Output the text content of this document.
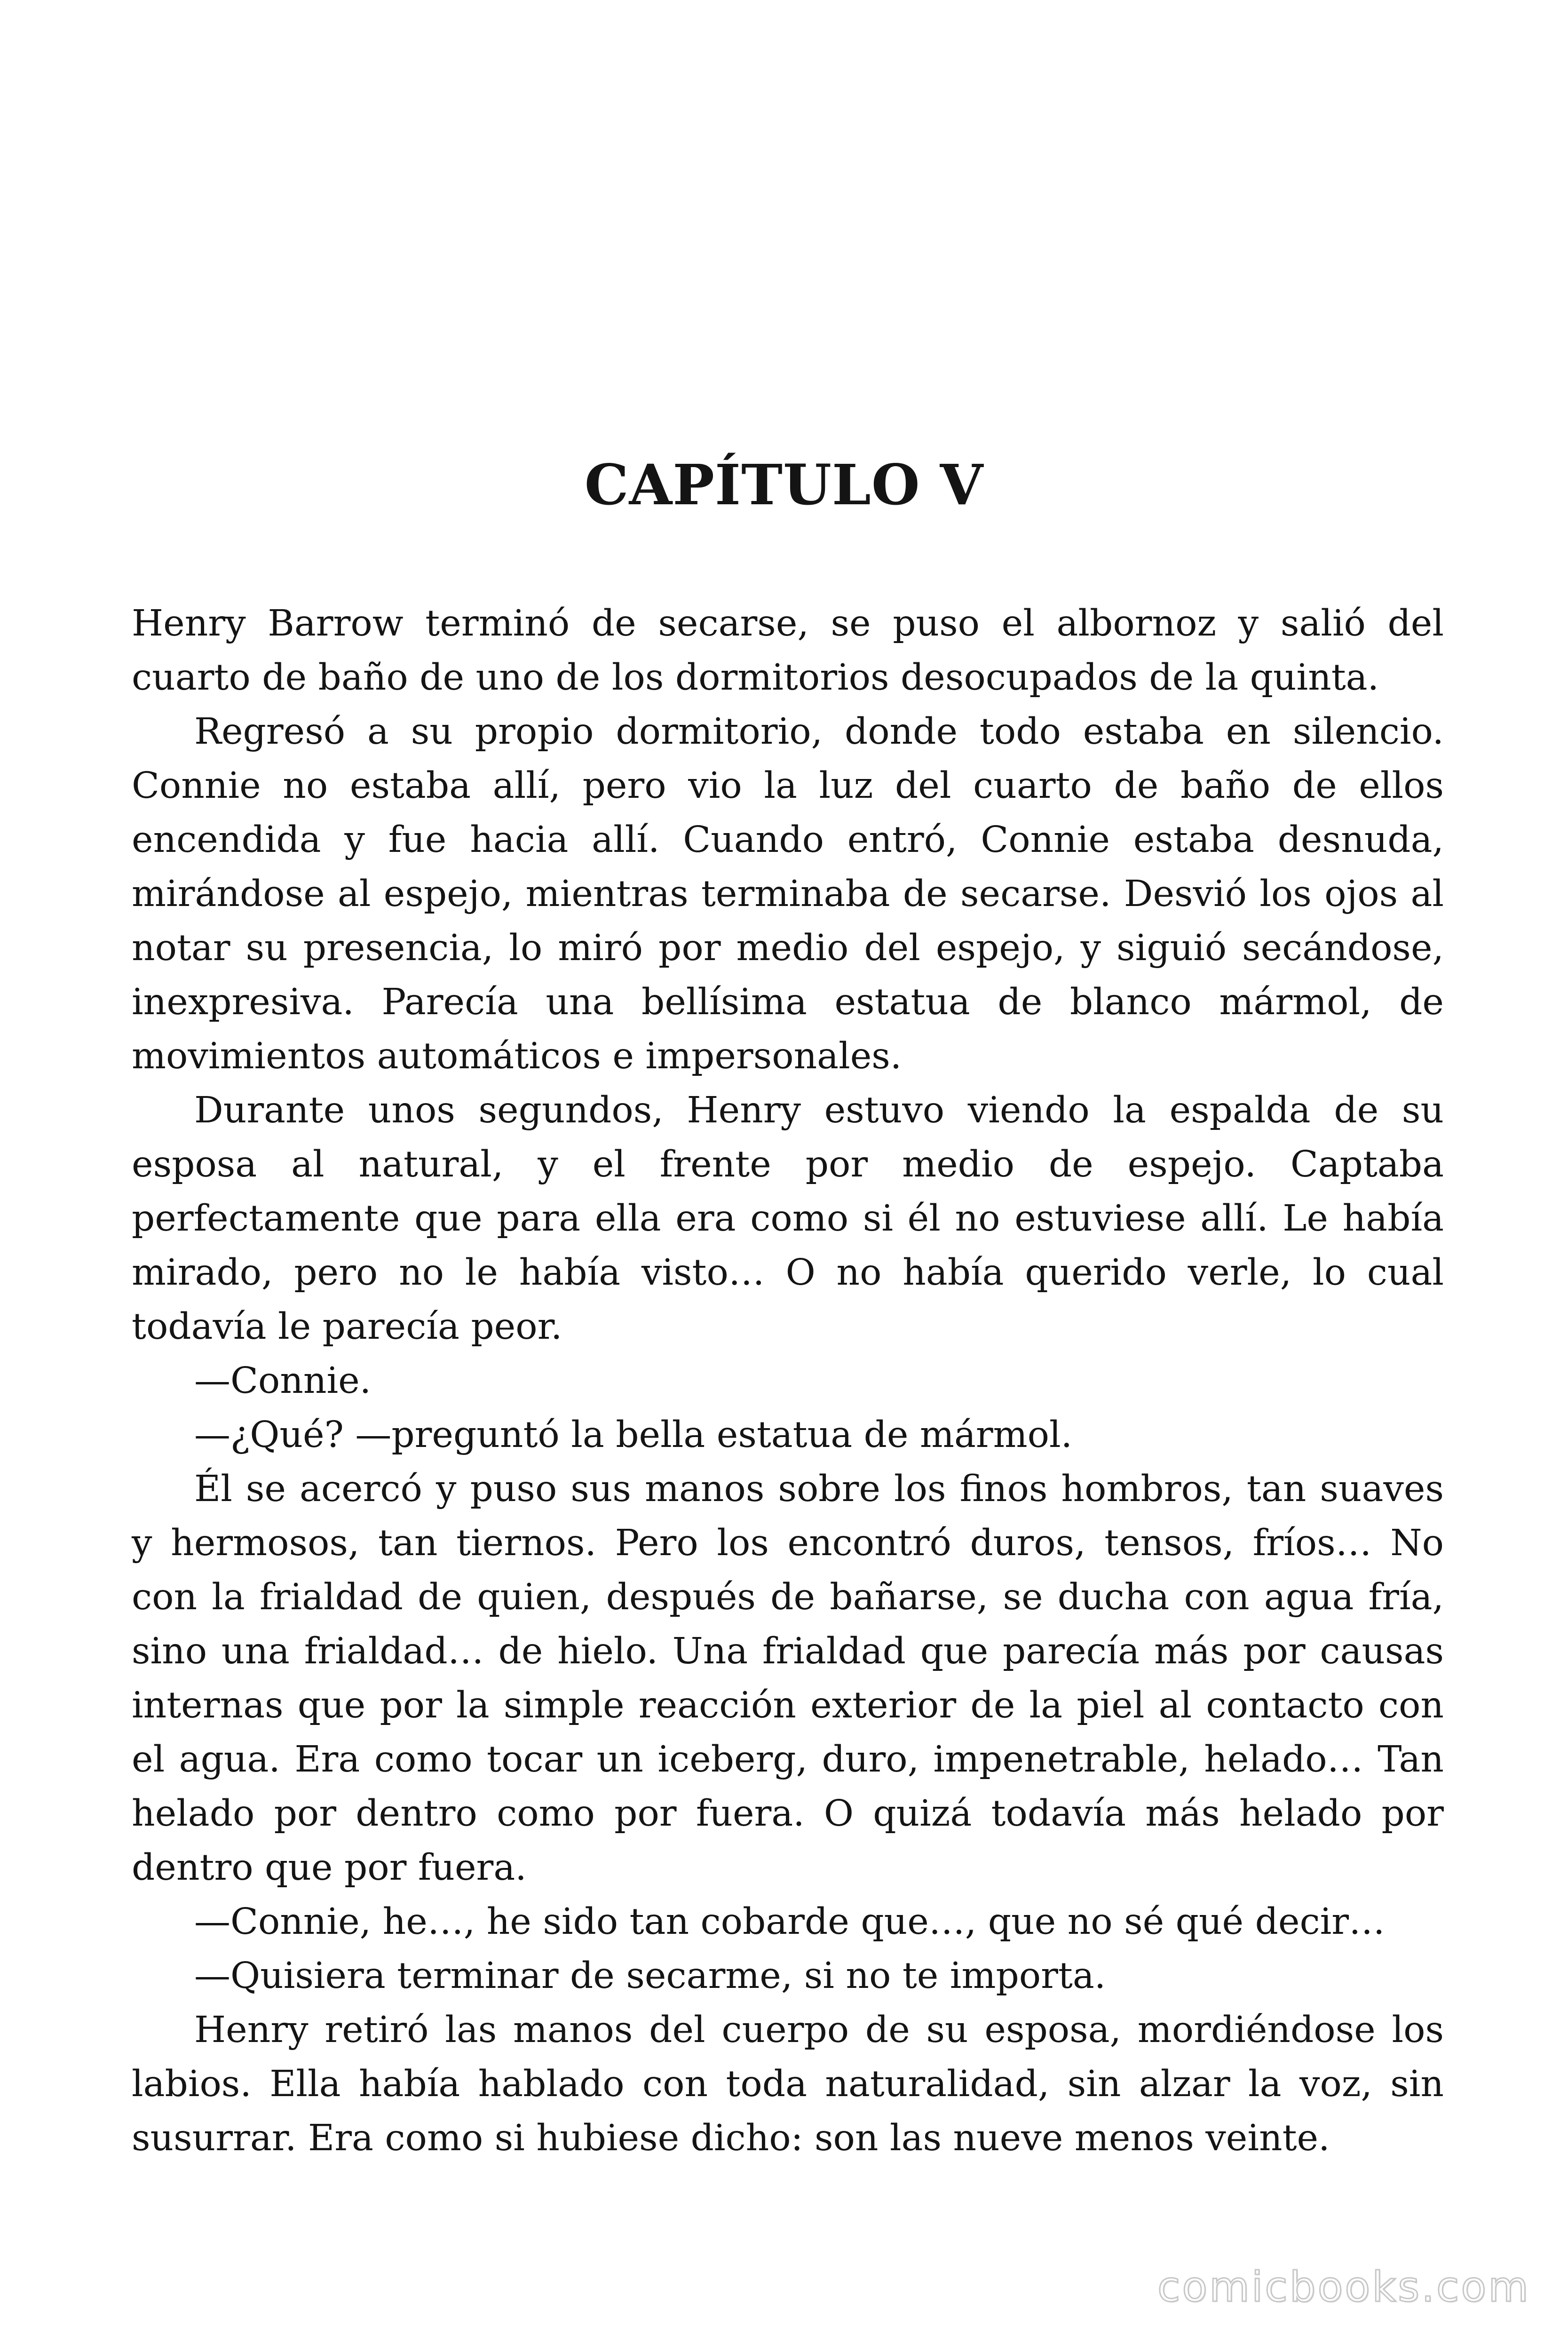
CAPÍTULO V

Henry Barrow terminó de secarse, se puso el albornoz y salió del cuarto de baño de uno de los dormitorios desocupados de la quinta.

Regresó a su propio dormitorio, donde todo estaba en silencio. Connie no estaba allí, pero vio la luz del cuarto de baño de ellos encendida y fue hacia allí. Cuando entró, Connie estaba desnuda, mirándose al espejo, mientras terminaba de secarse. Desvió los ojos al notar su presencia, lo miró por medio del espejo, y siguió secándose, inexpresiva. Parecía una bellísima estatua de blanco mármol, de movimientos automáticos e impersonales.

Durante unos segundos, Henry estuvo viendo la espalda de su esposa al natural, y el frente por medio de espejo. Captaba perfectamente que para ella era como si él no estuviese allí. Le había mirado, pero no le había visto… O no había querido verle, lo cual todavía le parecía peor.

—Connie.

—¿Qué? —preguntó la bella estatua de mármol.

Él se acercó y puso sus manos sobre los finos hombros, tan suaves y hermosos, tan tiernos. Pero los encontró duros, tensos, fríos… No con la frialdad de quien, después de bañarse, se ducha con agua fría, sino una frialdad… de hielo. Una frialdad que parecía más por causas internas que por la simple reacción exterior de la piel al contacto con el agua. Era como tocar un iceberg, duro, impenetrable, helado… Tan helado por dentro como por fuera. O quizá todavía más helado por dentro que por fuera.

—Connie, he…, he sido tan cobarde que…, que no sé qué decir…

—Quisiera terminar de secarme, si no te importa.

Henry retiró las manos del cuerpo de su esposa, mordiéndose los labios. Ella había hablado con toda naturalidad, sin alzar la voz, sin susurrar. Era como si hubiese dicho: son las nueve menos veinte.

comicbooks.com
